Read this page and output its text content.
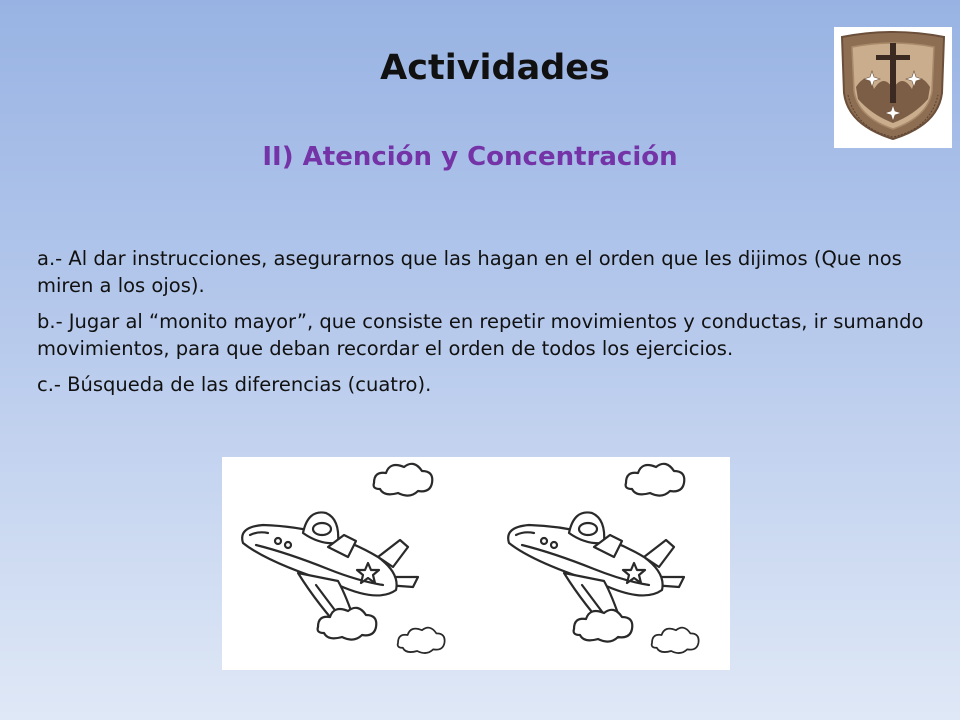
Actividades
II) Atención y Concentración

a.- Al dar instrucciones, asegurarnos que las hagan en el orden que les dijimos (Que nos miren a los ojos).

b.- Jugar al “monito mayor”, que consiste en repetir movimientos y conductas, ir sumando movimientos, para que deban recordar el orden de todos los ejercicios.

c.- Búsqueda de las diferencias (cuatro).
